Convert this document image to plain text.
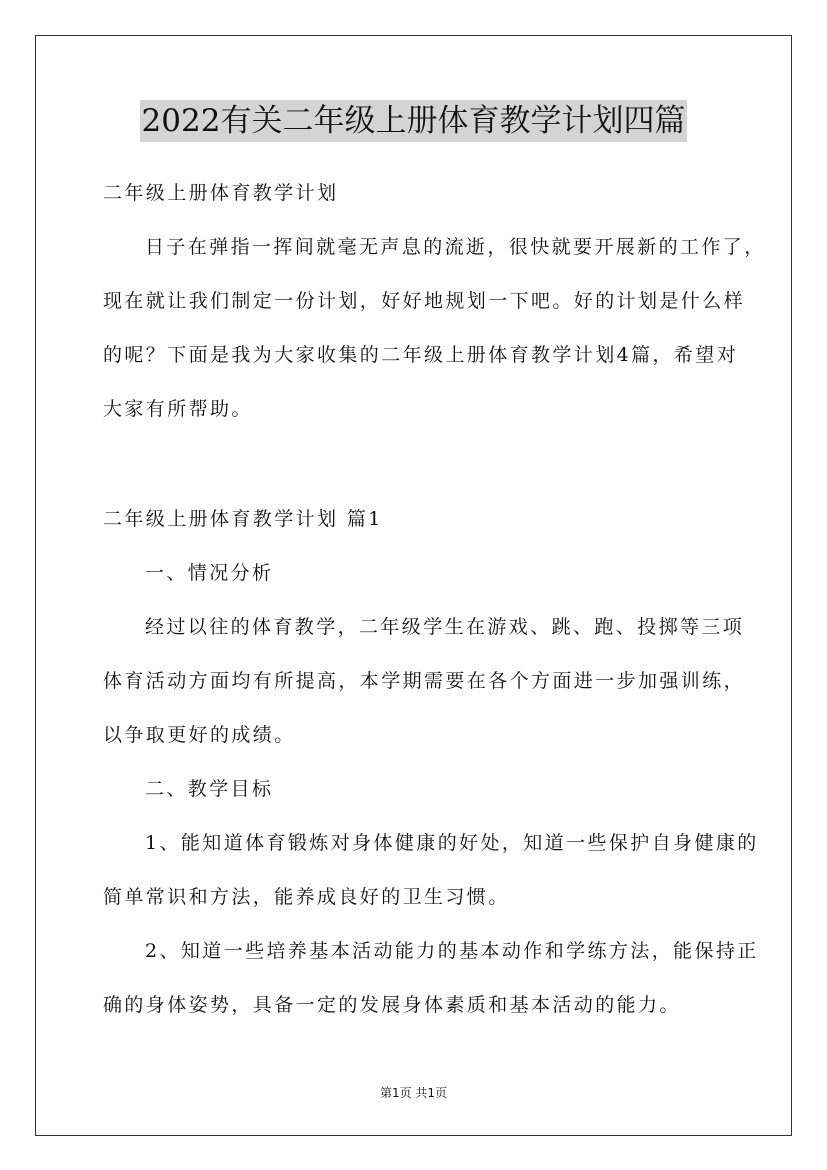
2022有关二年级上册体育教学计划四篇
二年级上册体育教学计划
日子在弹指一挥间就毫无声息的流逝，很快就要开展新的工作了，
现在就让我们制定一份计划，好好地规划一下吧。好的计划是什么样
的呢？下面是我为大家收集的二年级上册体育教学计划4篇，希望对
大家有所帮助。
二年级上册体育教学计划 篇1
一、情况分析
经过以往的体育教学，二年级学生在游戏、跳、跑、投掷等三项
体育活动方面均有所提高，本学期需要在各个方面进一步加强训练，
以争取更好的成绩。
二、教学目标
1、能知道体育锻炼对身体健康的好处，知道一些保护自身健康的
简单常识和方法，能养成良好的卫生习惯。
2、知道一些培养基本活动能力的基本动作和学练方法，能保持正
确的身体姿势，具备一定的发展身体素质和基本活动的能力。
第1页 共1页
